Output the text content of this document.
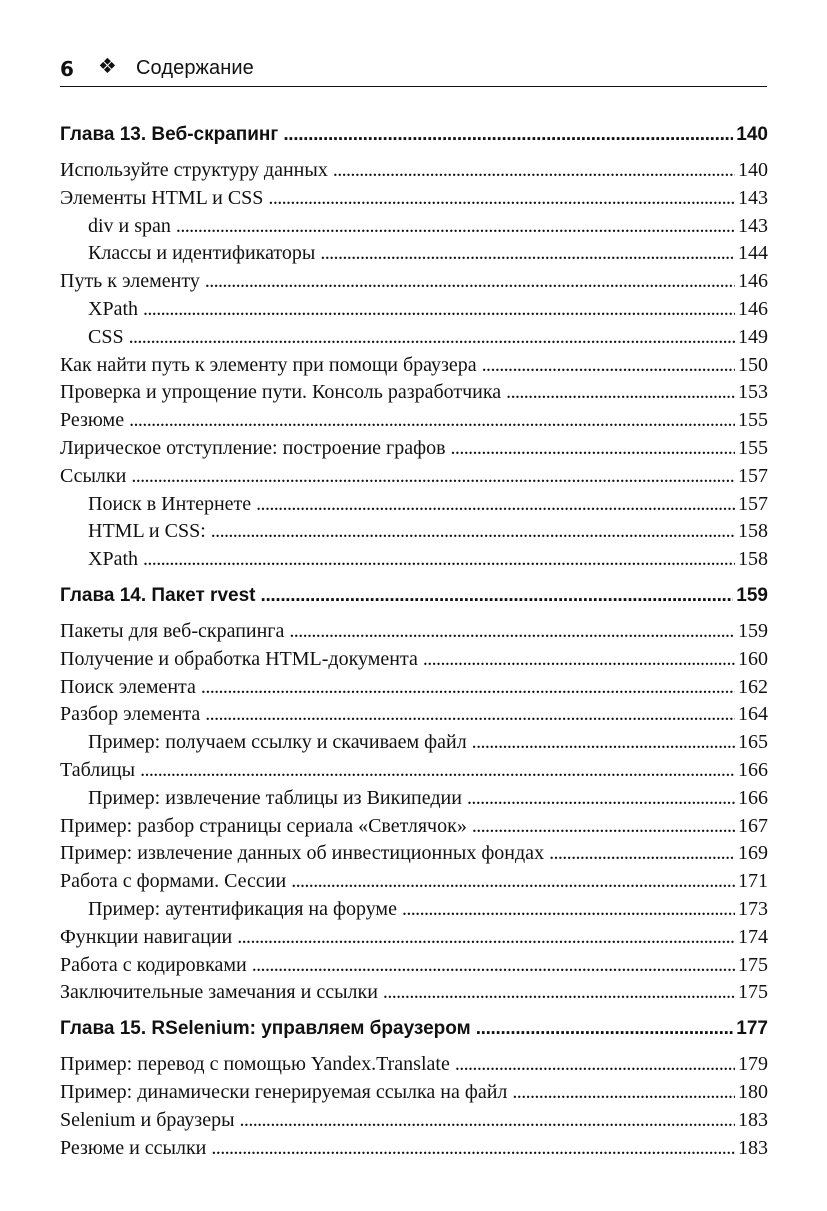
6 ❖ Содержание
Глава 13. Веб-скрапинг . . .	140
Используйте структуру данных . . .	140
Элементы HTML и CSS . . .	143
div и span . . .	143
Классы и идентификаторы . . .	144
Путь к элементу . . .	146
XPath . . .	146
CSS . . .	149
Как найти путь к элементу при помощи браузера . . .	150
Проверка и упрощение пути. Консоль разработчика . . .	153
Резюме . . .	155
Лирическое отступление: построение графов . . .	155
Ссылки . . .	157
Поиск в Интернете . . .	157
HTML и CSS: . . .	158
XPath . . .	158
Глава 14. Пакет rvest . . .	159
Пакеты для веб-скрапинга . . .	159
Получение и обработка HTML-документа . . .	160
Поиск элемента . . .	162
Разбор элемента . . .	164
Пример: получаем ссылку и скачиваем файл . . .	165
Таблицы . . .	166
Пример: извлечение таблицы из Википедии . . .	166
Пример: разбор страницы сериала «Светлячок» . . .	167
Пример: извлечение данных об инвестиционных фондах . . .	169
Работа с формами. Сессии . . .	171
Пример: аутентификация на форуме . . .	173
Функции навигации . . .	174
Работа с кодировками . . .	175
Заключительные замечания и ссылки . . .	175
Глава 15. RSelenium: управляем браузером . . .	177
Пример: перевод с помощью Yandex.Translate . . .	179
Пример: динамически генерируемая ссылка на файл . . .	180
Selenium и браузеры . . .	183
Резюме и ссылки . . .	183
